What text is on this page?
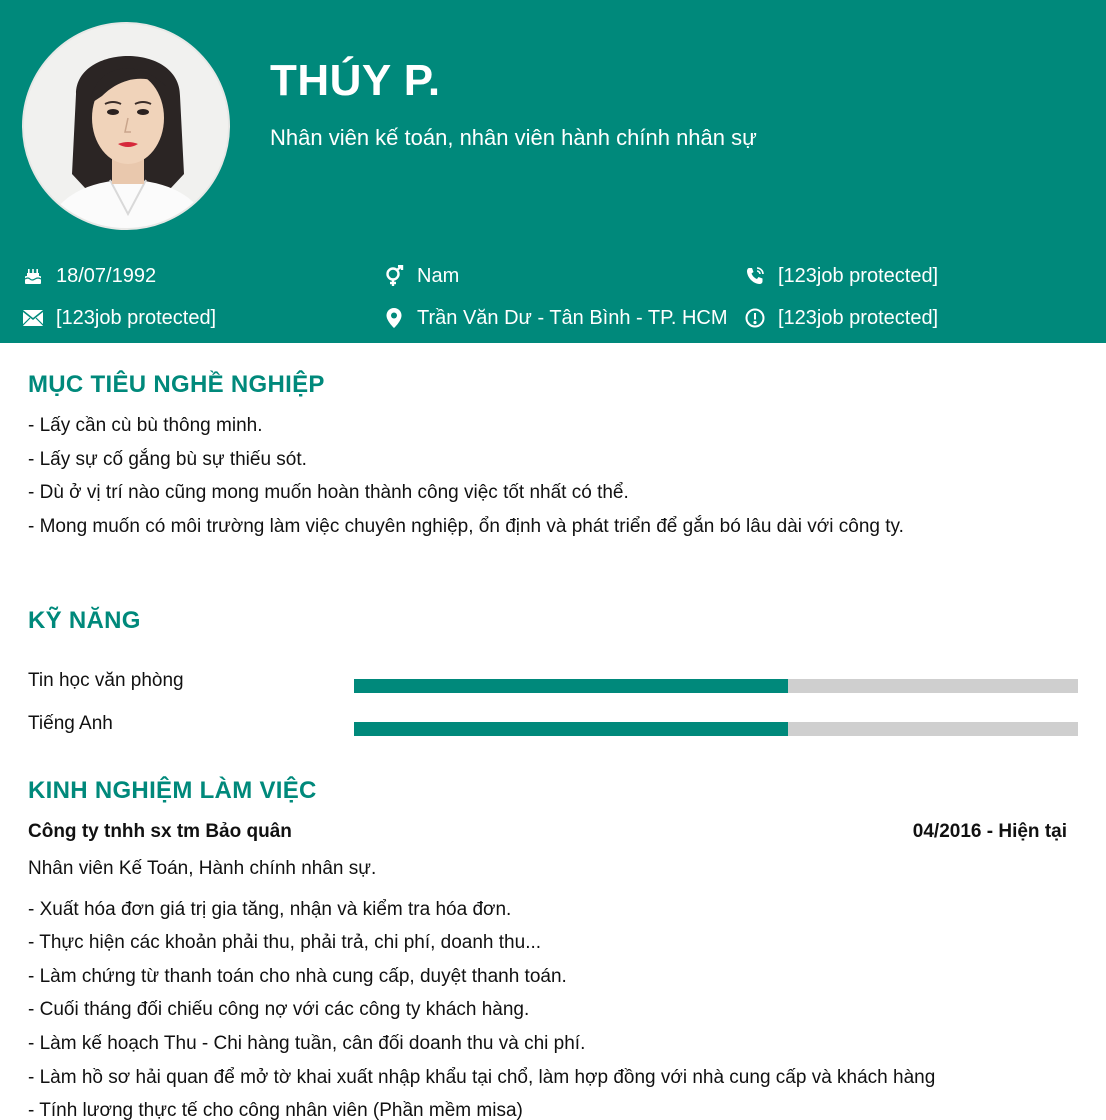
THÚY P.
Nhân viên kế toán, nhân viên hành chính nhân sự
18/07/1992	Nam	[123job protected]
[123job protected]	Trần Văn Dư - Tân Bình - TP. HCM	[123job protected]
MỤC TIÊU NGHỀ NGHIỆP
- Lấy cần cù bù thông minh.
- Lấy sự cố gắng bù sự thiếu sót.
- Dù ở vị trí nào cũng mong muốn hoàn thành công việc tốt nhất có thể.
- Mong muốn có môi trường làm việc chuyên nghiệp, ổn định và phát triển để gắn bó lâu dài với công ty.
KỸ NĂNG
Tin học văn phòng
Tiếng Anh
KINH NGHIỆM LÀM VIỆC
Công ty tnhh sx tm Bảo quân	04/2016 - Hiện tại
Nhân viên Kế Toán, Hành chính nhân sự.
- Xuất hóa đơn giá trị gia tăng, nhận và kiểm tra hóa đơn.
- Thực hiện các khoản phải thu, phải trả, chi phí, doanh thu...
- Làm chứng từ thanh toán cho nhà cung cấp, duyệt thanh toán.
- Cuối tháng đối chiếu công nợ với các công ty khách hàng.
- Làm kế hoạch Thu - Chi hàng tuần, cân đối doanh thu và chi phí.
- Làm hồ sơ hải quan để mở tờ khai xuất nhập khẩu tại chổ, làm hợp đồng với nhà cung cấp và khách hàng
- Tính lương thực tế cho công nhân viên (Phần mềm misa)
